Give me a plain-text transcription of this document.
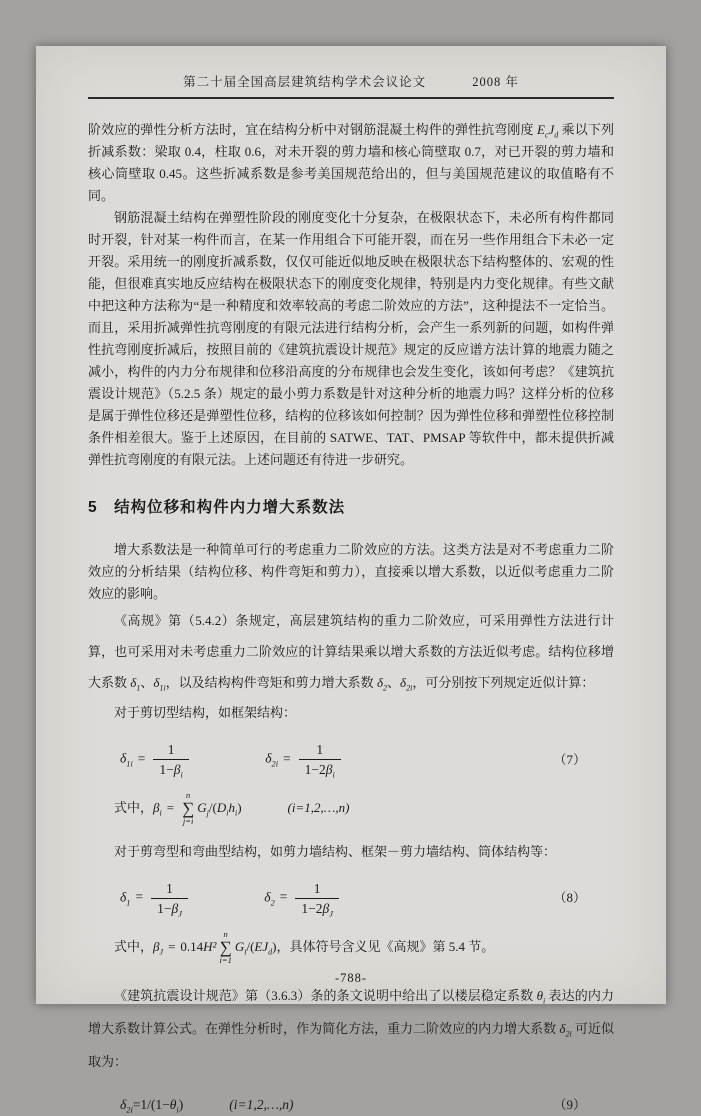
第二十届全国高层建筑结构学术会议论文	2008 年

阶效应的弹性分析方法时，宜在结构分析中对钢筋混凝土构件的弹性抗弯刚度 $E_cJ_d$ 乘以下列折减系数：梁取 0.4，柱取 0.6，对未开裂的剪力墙和核心筒壁取 0.7，对已开裂的剪力墙和核心筒壁取 0.45。这些折减系数是参考美国规范给出的，但与美国规范建议的取值略有不同。

钢筋混凝土结构在弹塑性阶段的刚度变化十分复杂，在极限状态下，未必所有构件都同时开裂，针对某一构件而言，在某一作用组合下可能开裂，而在另一些作用组合下未必一定开裂。采用统一的刚度折减系数，仅仅可能近似地反映在极限状态下结构整体的、宏观的性能，但很难真实地反应结构在极限状态下的刚度变化规律，特别是内力变化规律。有些文献中把这种方法称为“是一种精度和效率较高的考虑二阶效应的方法”，这种提法不一定恰当。而且，采用折减弹性抗弯刚度的有限元法进行结构分析，会产生一系列新的问题，如构件弹性抗弯刚度折减后，按照目前的《建筑抗震设计规范》规定的反应谱方法计算的地震力随之减小，构件的内力分布规律和位移沿高度的分布规律也会发生变化，该如何考虑？《建筑抗震设计规范》（5.2.5 条）规定的最小剪力系数是针对这种分析的地震力吗？这样分析的位移是属于弹性位移还是弹塑性位移，结构的位移该如何控制？因为弹性位移和弹塑性位移控制条件相差很大。鉴于上述原因，在目前的 SATWE、TAT、PMSAP 等软件中，都未提供折减弹性抗弯刚度的有限元法。上述问题还有待进一步研究。

5　结构位移和构件内力增大系数法

增大系数法是一种简单可行的考虑重力二阶效应的方法。这类方法是对不考虑重力二阶效应的分析结果（结构位移、构件弯矩和剪力），直接乘以增大系数，以近似考虑重力二阶效应的影响。

《高规》第（5.4.2）条规定，高层建筑结构的重力二阶效应，可采用弹性方法进行计算，也可采用对未考虑重力二阶效应的计算结果乘以增大系数的方法近似考虑。结构位移增大系数 $\delta_1$、$\delta_{1i}$，以及结构构件弯矩和剪力增大系数 $\delta_2$、$\delta_{2i}$，可分别按下列规定近似计算：

对于剪切型结构，如框架结构：

$\delta_{1i} = \frac{1}{1-\beta_i}$	$\delta_{2i} = \frac{1}{1-2\beta_i}$	（7）

式中，$\beta_i$ =
n
∑
j=i
$G_j/(D_ih_i)$	(i=1,2,…,n)

对于剪弯型和弯曲型结构，如剪力墙结构、框架－剪力墙结构、筒体结构等：

$\delta_1 = \frac{1}{1-\beta_J}$	$\delta_2 = \frac{1}{1-2\beta_J}$	（8）

式中，$\beta_J = 0.14H^2$
n
∑
i=1
$G_i/(EJ_d)$，具体符号含义见《高规》第 5.4 节。

《建筑抗震设计规范》第（3.6.3）条的条文说明中给出了以楼层稳定系数 $\theta_i$ 表达的内力增大系数计算公式。在弹性分析时，作为简化方法，重力二阶效应的内力增大系数 $\delta_{2i}$ 可近似取为：

$\delta_{2i}=1/(1-\theta_i)$	(i=1,2,…,n)	（9）
-788-
